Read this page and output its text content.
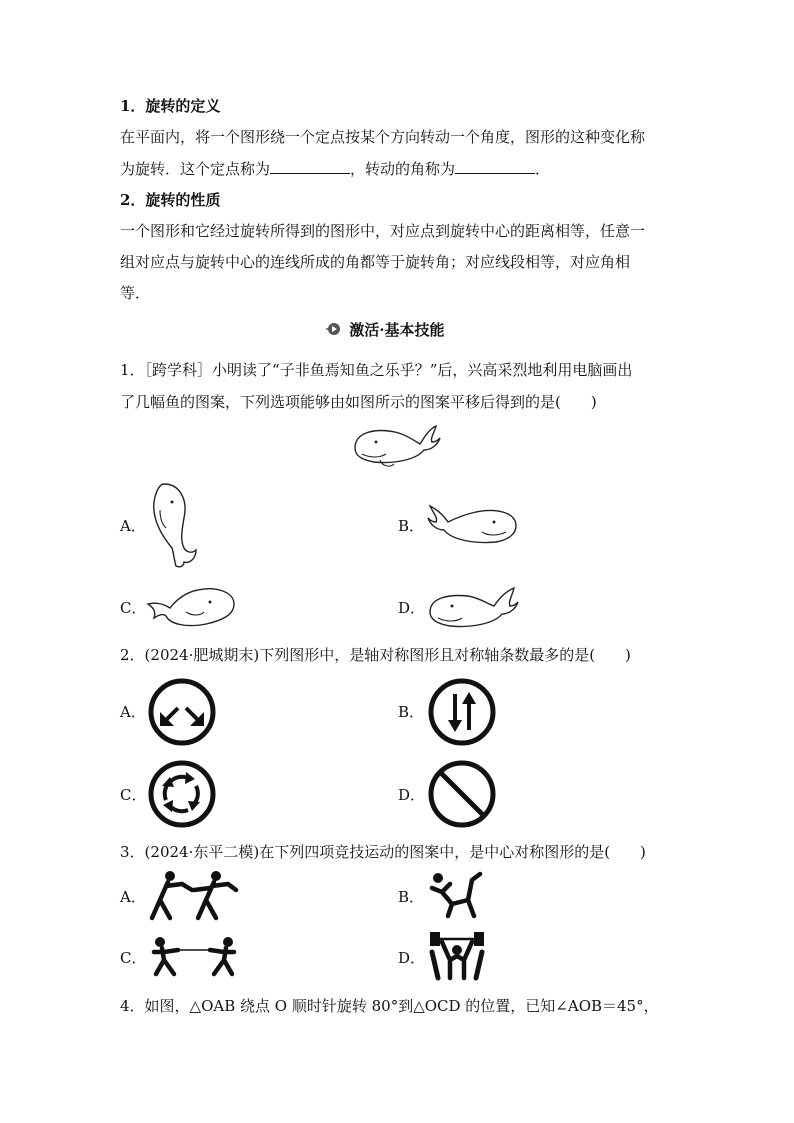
1．旋转的定义
在平面内，将一个图形绕一个定点按某个方向转动一个角度，图形的这种变化称
为旋转．这个定点称为	，转动的角称为	．
2．旋转的性质
一个图形和它经过旋转所得到的图形中，对应点到旋转中心的距离相等，任意一
组对应点与旋转中心的连线所成的角都等于旋转角；对应线段相等，对应角相
等．
激活·基本技能
1．［跨学科］小明读了“子非鱼焉知鱼之乐乎？”后，兴高采烈地利用电脑画出
了几幅鱼的图案，下列选项能够由如图所示的图案平移后得到的是(　　)
A．	B．
C．	D．
2．(2024·肥城期末)下列图形中，是轴对称图形且对称轴条数最多的是(　　)
A．	B．
C．	D．
3．(2024·东平二模)在下列四项竞技运动的图案中，是中心对称图形的是(　　)
A．	B．
C．	D．
4．如图，△OAB 绕点 O 顺时针旋转 80°到△OCD 的位置，已知∠AOB＝45°，
